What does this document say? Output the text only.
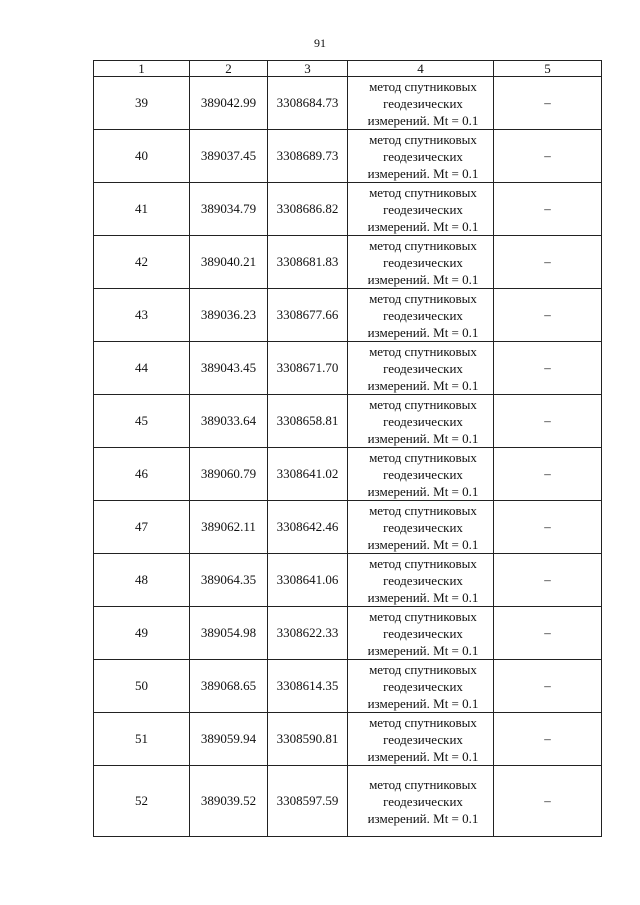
91
1	2	3	4	5
39	389042.99	3308684.73	метод спутниковых
геодезических
измерений. Mt = 0.1	–
40	389037.45	3308689.73	метод спутниковых
геодезических
измерений. Mt = 0.1	–
41	389034.79	3308686.82	метод спутниковых
геодезических
измерений. Mt = 0.1	–
42	389040.21	3308681.83	метод спутниковых
геодезических
измерений. Mt = 0.1	–
43	389036.23	3308677.66	метод спутниковых
геодезических
измерений. Mt = 0.1	–
44	389043.45	3308671.70	метод спутниковых
геодезических
измерений. Mt = 0.1	–
45	389033.64	3308658.81	метод спутниковых
геодезических
измерений. Mt = 0.1	–
46	389060.79	3308641.02	метод спутниковых
геодезических
измерений. Mt = 0.1	–
47	389062.11	3308642.46	метод спутниковых
геодезических
измерений. Mt = 0.1	–
48	389064.35	3308641.06	метод спутниковых
геодезических
измерений. Mt = 0.1	–
49	389054.98	3308622.33	метод спутниковых
геодезических
измерений. Mt = 0.1	–
50	389068.65	3308614.35	метод спутниковых
геодезических
измерений. Mt = 0.1	–
51	389059.94	3308590.81	метод спутниковых
геодезических
измерений. Mt = 0.1	–
52	389039.52	3308597.59	метод спутниковых
геодезических
измерений. Mt = 0.1	–
